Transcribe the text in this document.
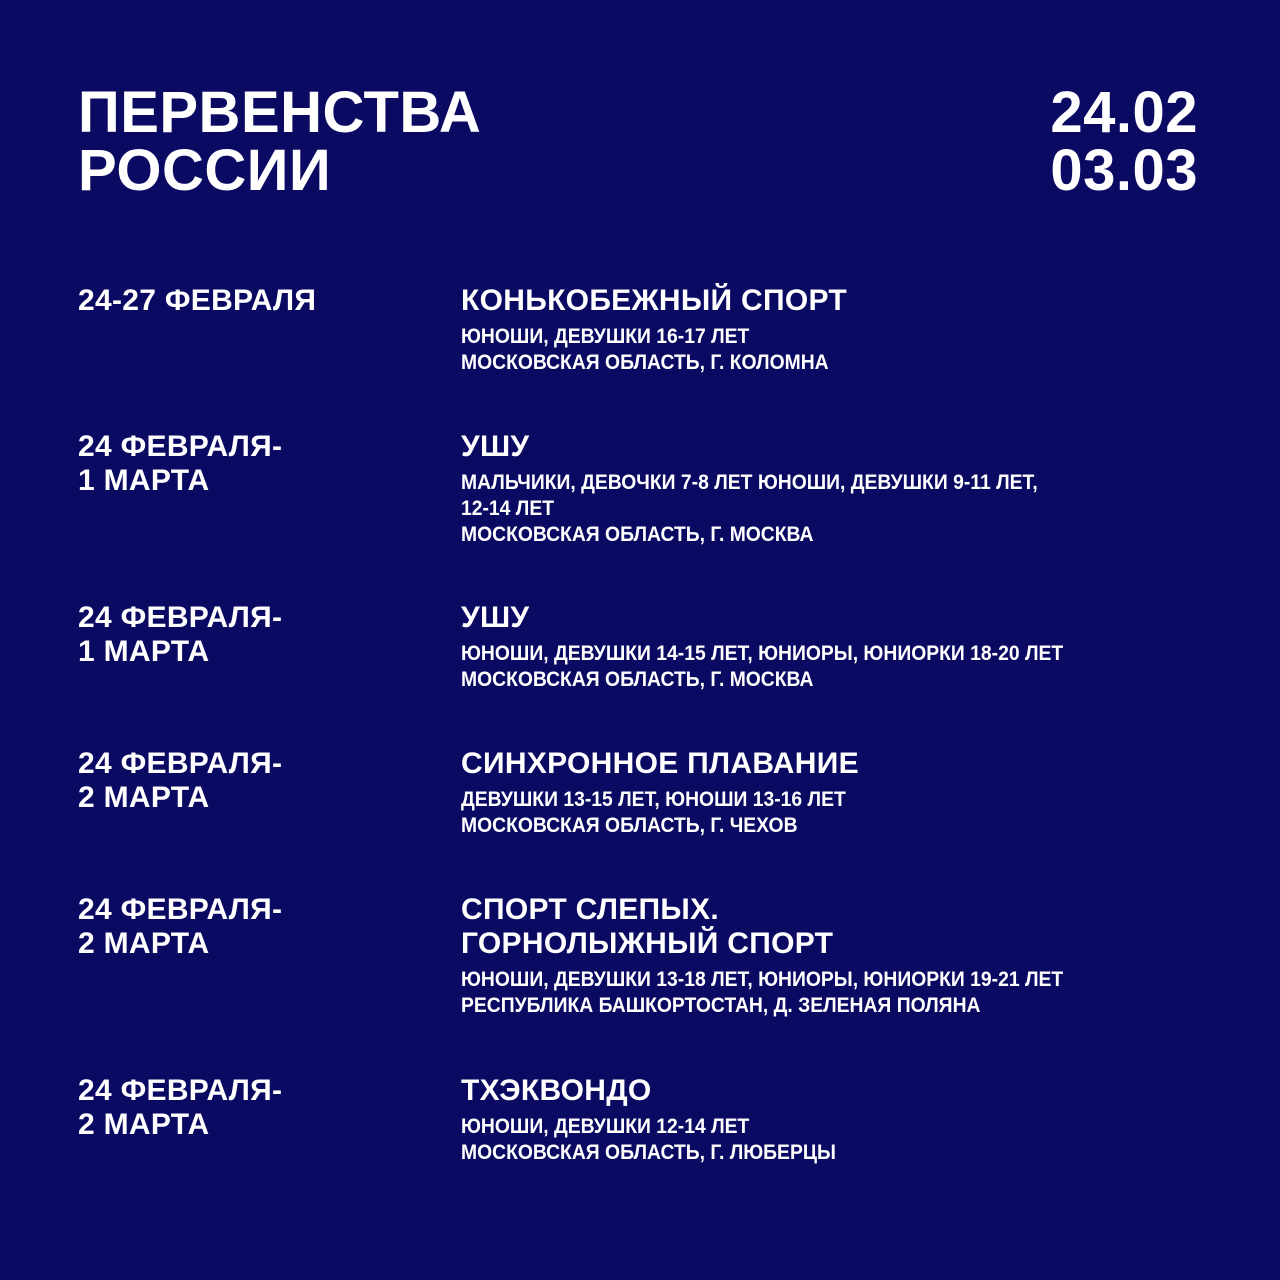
ПЕРВЕНСТВА
РОССИИ
24.02
03.03
24-27 ФЕВРАЛЯ	КОНЬКОБЕЖНЫЙ СПОРТ
ЮНОШИ, ДЕВУШКИ 16-17 ЛЕТ
МОСКОВСКАЯ ОБЛАСТЬ, Г. КОЛОМНА
24 ФЕВРАЛЯ-
1 МАРТА
УШУ
МАЛЬЧИКИ, ДЕВОЧКИ 7-8 ЛЕТ ЮНОШИ, ДЕВУШКИ 9-11 ЛЕТ,
12-14 ЛЕТ
МОСКОВСКАЯ ОБЛАСТЬ, Г. МОСКВА
24 ФЕВРАЛЯ-
1 МАРТА
УШУ
ЮНОШИ, ДЕВУШКИ 14-15 ЛЕТ, ЮНИОРЫ, ЮНИОРКИ 18-20 ЛЕТ
МОСКОВСКАЯ ОБЛАСТЬ, Г. МОСКВА
24 ФЕВРАЛЯ-
2 МАРТА
СИНХРОННОЕ ПЛАВАНИЕ
ДЕВУШКИ 13-15 ЛЕТ, ЮНОШИ 13-16 ЛЕТ
МОСКОВСКАЯ ОБЛАСТЬ, Г. ЧЕХОВ
24 ФЕВРАЛЯ-
2 МАРТА
СПОРТ СЛЕПЫХ.
ГОРНОЛЫЖНЫЙ СПОРТ
ЮНОШИ, ДЕВУШКИ 13-18 ЛЕТ, ЮНИОРЫ, ЮНИОРКИ 19-21 ЛЕТ
РЕСПУБЛИКА БАШКОРТОСТАН, Д. ЗЕЛЕНАЯ ПОЛЯНА
24 ФЕВРАЛЯ-
2 МАРТА
ТХЭКВОНДО
ЮНОШИ, ДЕВУШКИ 12-14 ЛЕТ
МОСКОВСКАЯ ОБЛАСТЬ, Г. ЛЮБЕРЦЫ
